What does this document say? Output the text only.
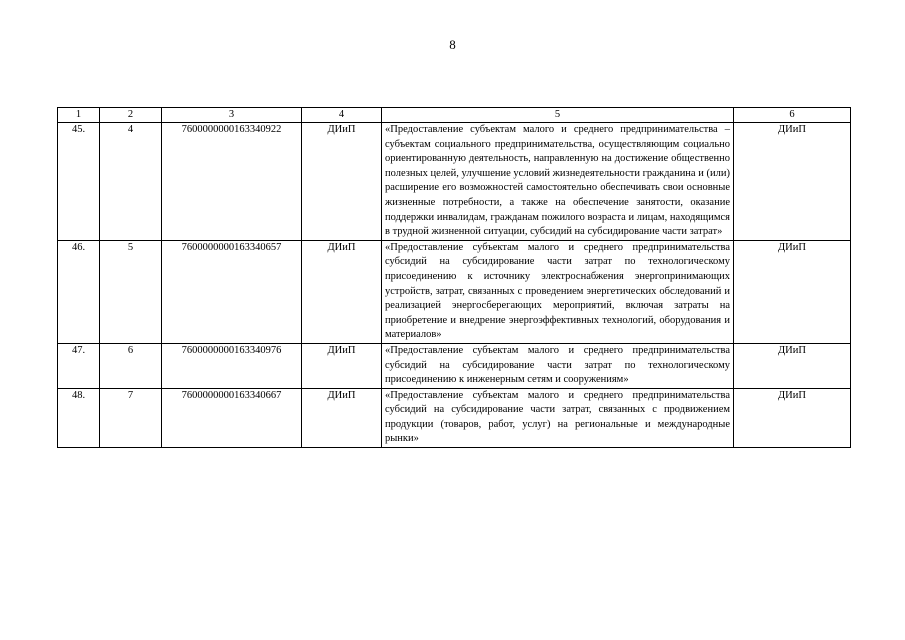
8
1	2	3	4	5	6
45.	4	760000000016334092​2	ДИиП	«Предоставление субъектам малого и среднего предпринимательства – субъектам социального предпринимательства, осуществляющим социально ориентированную деятельность, направленную на достижение общественно полезных целей, улучшение условий жизнедеятельности гражданина и (или) расширение его возможностей самостоятельно обеспечивать свои основные жизненные потребности, а также на обеспечение занятости, оказание поддержки инвалидам, гражданам пожилого возраста и лицам, находящимся в трудной жизненной ситуации, субсидий на субсидирование части затрат»	ДИиП
46.	5	7600000000163340657	ДИиП	«Предоставление субъектам малого и среднего предпринимательства субсидий на субсидирование части затрат по технологическому присоединению к источнику электроснабжения энергопринимающих устройств, затрат, связанных с проведением энергетических обследований и реализацией энергосберегающих мероприятий, включая затраты на приобретение и внедрение энергоэффективных технологий, оборудования и материалов»	ДИиП
47.	6	7600000000163340976	ДИиП	«Предоставление субъектам малого и среднего предпринимательства субсидий на субсидирование части затрат по технологическому присоединению к инженерным сетям и сооружениям»	ДИиП
48.	7	7600000000163340667	ДИиП	«Предоставление субъектам малого и среднего предпринимательства субсидий на субсидирование части затрат, связанных с продвижением продукции (товаров, работ, услуг) на региональные и международные рынки»	ДИиП
